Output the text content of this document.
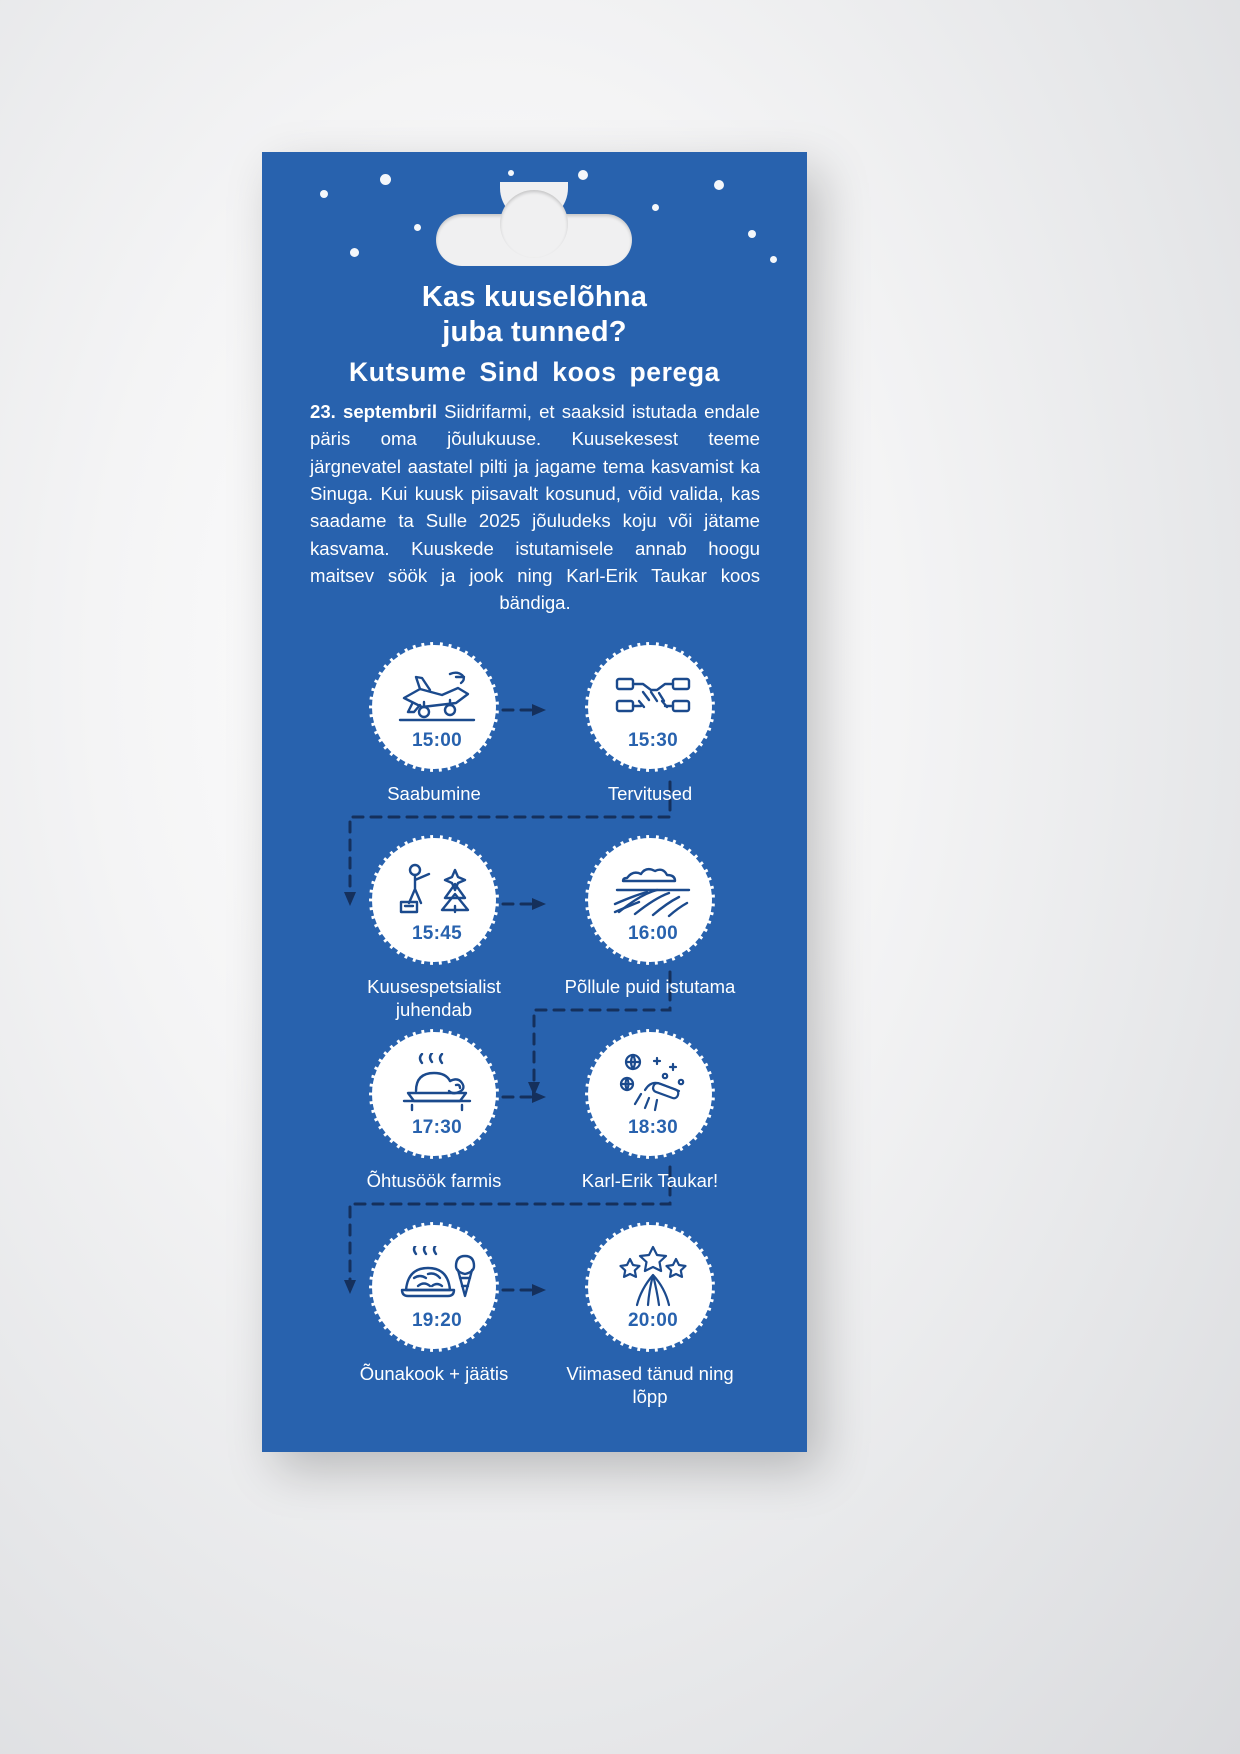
Kas kuuselõhna
juba tunned?
Kutsume Sind koos perega
23. septembril Siidrifarmi, et saaksid istutada endale päris oma jõulukuuse. Kuusekesest teeme järgnevatel aastatel pilti ja jagame tema kasvamist ka Sinuga. Kui kuusk piisavalt kosunud, võid valida, kas saadame ta Sulle 2025 jõuludeks koju või jätame kasvama. Kuuskede istutamisele annab hoogu maitsev söök ja jook ning Karl-Erik Taukar koos bändiga.
15:00
Saabumine
15:30
Tervitused
15:45
Kuusespetsialist juhendab
16:00
Põllule puid istutama
17:30
Õhtusöök farmis
18:30
Karl-Erik Taukar!
19:20
Õunakook + jäätis
20:00
Viimased tänud ning lõpp
